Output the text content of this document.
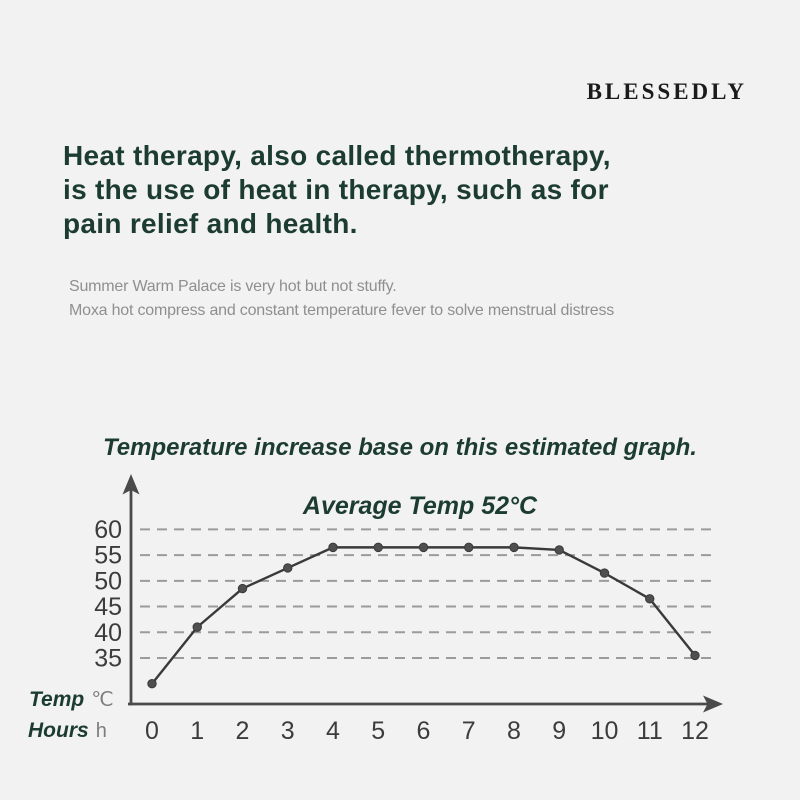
BLESSEDLY
Heat therapy, also called thermotherapy,
is the use of heat in therapy, such as for
pain relief and health.
Summer Warm Palace is very hot but not stuffy.
Moxa hot compress and constant temperature fever to solve menstrual distress
Temperature increase base on this estimated graph.
Average Temp 52°C
60
55
50
45
40
35
0 1 2 3 4 5 6 7 8 9 10 11 12
Temp ℃
Hours h
